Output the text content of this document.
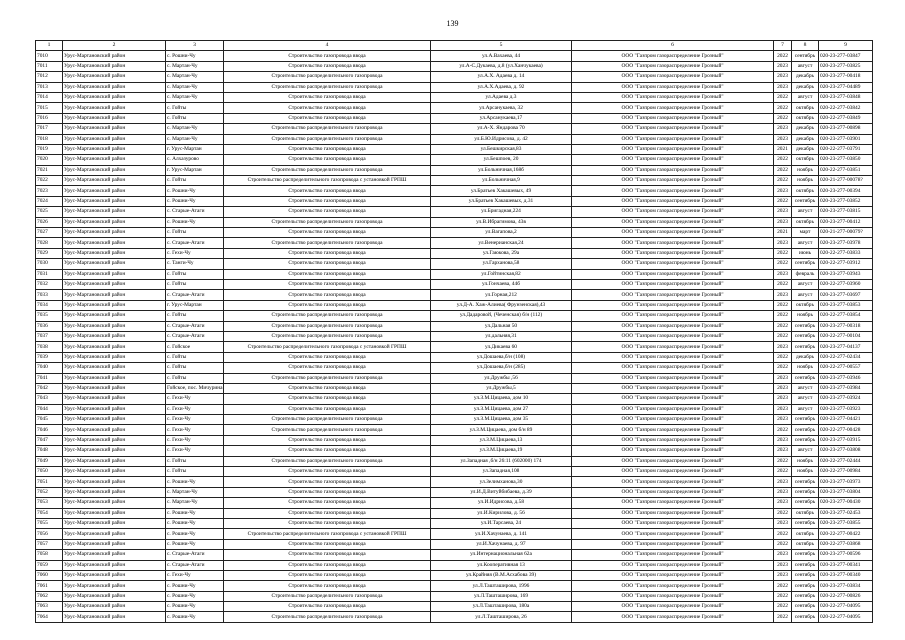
139
1	2	3	4	5	6	7	8	9
7010	Урус-Мартановский район	с. Рошни-Чу	Строительство газопровода ввода	ул.А.Вахаева, 44	ООО "Газпром газораспределение Грозный"	2022	сентябрь	020-23-277-03847
7011	Урус-Мартановский район	с. Мартан-Чу	Строительство газопровода ввода	ул.А-С.Дукаева, д.8 (ул.Ханчукаева)	ООО "Газпром газораспределение Грозный"	2023	август	020-23-277-03825
7012	Урус-Мартановский район	с. Мартан-Чу	Строительство распределительного газопровода	ул.А.Х. Адаева д. 14	ООО "Газпром газораспределение Грозный"	2023	декабрь	020-23-277-00418
7013	Урус-Мартановский район	с. Мартан-Чу	Строительство распределительного газопровода	ул.А.Х.Адаева, д. 92	ООО "Газпром газораспределение Грозный"	2023	декабрь	020-23-277-04489
7014	Урус-Мартановский район	с. Мартан-Чу	Строительство газопровода ввода	ул.Адаева д.3	ООО "Газпром газораспределение Грозный"	2022	август	020-23-277-03848
7015	Урус-Мартановский район	с. Гойты	Строительство газопровода ввода	ул.Арсанукаева, 32	ООО "Газпром газораспределение Грозный"	2022	октябрь	020-22-277-03842
7016	Урус-Мартановский район	с. Гойты	Строительство газопровода ввода	ул.Арсанукаева,17	ООО "Газпром газораспределение Грозный"	2022	октябрь	020-22-277-03849
7017	Урус-Мартановский район	с. Мартан-Чу	Строительство распределительного газопровода	ул.А-Х. Яндарова 70	ООО "Газпром газораспределение Грозный"	2023	декабрь	020-23-277-00898
7018	Урус-Мартановский район	с. Мартан-Чу	Строительство распределительного газопровода	ул.Б.Ю.Идрисова, д. 42	ООО "Газпром газораспределение Грозный"	2023	декабрь	020-23-277-03901
7019	Урус-Мартановский район	г. Урус-Мартан	Строительство газопровода ввода	ул.Бешкирская,83	ООО "Газпром газораспределение Грозный"	2021	декабрь	020-22-277-03791
7020	Урус-Мартановский район	с. Алхазурово	Строительство газопровода ввода	ул.Бешпоев, 20	ООО "Газпром газораспределение Грозный"	2022	октябрь	020-23-277-03850
7021	Урус-Мартановский район	г. Урус-Мартан	Строительство распределительного газопровода	ул.Больничная,168б	ООО "Газпром газораспределение Грозный"	2022	ноябрь	020-22-277-03851
7022	Урус-Мартановский район	с. Гойты	Строительство распределительного газопровода с установкой ГРПШ	ул.Больничная,9	ООО "Газпром газораспределение Грозный"	2022	ноябрь	020-21-277-00078?
7023	Урус-Мартановский район	с. Рошни-Чу	Строительство газопровода ввода	ул.Братьев Хакашевых, 49	ООО "Газпром газораспределение Грозный"	2023	октябрь	020-23-277-00394
7024	Урус-Мартановский район	с. Рошни-Чу	Строительство газопровода ввода	ул.Братьев Хакашевых, д.31	ООО "Газпром газораспределение Грозный"	2022	сентябрь	020-23-277-03852
7025	Урус-Мартановский район	с. Старые-Атаги	Строительство газопровода ввода	ул.Бригадная,224	ООО "Газпром газораспределение Грозный"	2023	август	020-23-277-03815
7026	Урус-Мартановский район	с. Рошни-Чу	Строительство распределительного газопровода	ул.В.Ибрагимова, 43в	ООО "Газпром газораспределение Грозный"	2023	октябрь	020-23-277-00412
7027	Урус-Мартановский район	с. Гойты	Строительство газопровода ввода	ул.Вагапова,2	ООО "Газпром газораспределение Грозный"	2021	март	020-21-277-00079?
7028	Урус-Мартановский район	с. Старые-Атаги	Строительство распределительного газопровода	ул.Венерианская,24	ООО "Газпром газораспределение Грозный"	2023	август	020-23-277-03978
7029	Урус-Мартановский район	с. Гехи-Чу	Строительство газопровода ввода	ул.Гаюкова, 29а	ООО "Газпром газораспределение Грозный"	2022	июнь	020-22-277-03833
7030	Урус-Мартановский район	с. Танги-Чу	Строительство газопровода ввода	ул.Гарханова,58	ООО "Газпром газораспределение Грозный"	2022	сентябрь	020-22-277-03912
7031	Урус-Мартановский район	с. Гойты	Строительство газопровода ввода	ул.Гойтинская,82	ООО "Газпром газораспределение Грозный"	2023	февраль	020-23-277-03943
7032	Урус-Мартановский район	с. Гойты	Строительство газопровода ввода	ул.Гончаева, 44б	ООО "Газпром газораспределение Грозный"	2022	август	020-22-277-03960
7033	Урус-Мартановский район	с. Старые-Атаги	Строительство газопровода ввода	ул.Горная,212	ООО "Газпром газораспределение Грозный"	2023	август	020-23-277-03697
7034	Урус-Мартановский район	г. Урус-Мартан	Строительство газопровода ввода	ул.Д-А. Хаж-Алиева( Фрунзенская),43	ООО "Газпром газораспределение Грозный"	2022	октябрь	020-23-277-03853
7035	Урус-Мартановский район	с. Гойты	Строительство распределительного газопровода	ул.Дадаровой, (Чеченская) б/н (112)	ООО "Газпром газораспределение Грозный"	2022	ноябрь	020-22-277-03854
7036	Урус-Мартановский район	с. Старые-Атаги	Строительство распределительного газопровода	ул.Дальная 50	ООО "Газпром газораспределение Грозный"	2022	сентябрь	020-23-277-00318
7037	Урус-Мартановский район	с. Старые-Атаги	Строительство распределительного газопровода	ул.дальняя,31	ООО "Газпром газораспределение Грозный"	2022	сентябрь	020-22-277-00104
7038	Урус-Мартановский район	с. Гойское	Строительство распределительного газопровода с установкой ГРПШ	ул.Дикаева 60	ООО "Газпром газораспределение Грозный"	2023	сентябрь	020-23-277-04137
7039	Урус-Мартановский район	с. Гойты	Строительство газопровода ввода	ул.Дошаева,б/н (108)	ООО "Газпром газораспределение Грозный"	2022	декабрь	020-22-277-02434
7040	Урус-Мартановский район	с. Гойты	Строительство газопровода ввода	ул.Дошаева,б/н (285)	ООО "Газпром газораспределение Грозный"	2022	ноябрь	020-22-277-00557
7041	Урус-Мартановский район	с. Гойты	Строительство распределительного газопровода	ул.Дружбы ,56	ООО "Газпром газораспределение Грозный"	2023	сентябрь	020-23-277-03946
7042	Урус-Мартановский район	Гойское, пос. Мичурина	Строительство газопровода ввода	ул.Дружбы,5	ООО "Газпром газораспределение Грозный"	2023	август	020-23-277-03984
7043	Урус-Мартановский район	с. Гехи-Чу	Строительство газопровода ввода	ул.З.М.Цицаева, дом 10	ООО "Газпром газораспределение Грозный"	2023	август	020-23-277-03924
7044	Урус-Мартановский район	с. Гехи-Чу	Строительство газопровода ввода	ул.З.М.Цицаева, дом 27	ООО "Газпром газораспределение Грозный"	2023	август	020-23-277-03923
7045	Урус-Мартановский район	с. Гехи-Чу	Строительство распределительного газопровода	ул.З.М.Цицаева, дом 35	ООО "Газпром газораспределение Грозный"	2023	сентябрь	020-23-277-04421
7046	Урус-Мартановский район	с. Гехи-Чу	Строительство распределительного газопровода	ул.З.М.Цицаева, дом б/н 89	ООО "Газпром газораспределение Грозный"	2022	сентябрь	020-22-277-00428
7047	Урус-Мартановский район	с. Гехи-Чу	Строительство газопровода ввода	ул.З.М.Цицаева,13	ООО "Газпром газораспределение Грозный"	2023	сентябрь	020-23-277-03915
7048	Урус-Мартановский район	с. Гехи-Чу	Строительство газопровода ввода	ул.З.М.Цицаева,19	ООО "Газпром газораспределение Грозный"	2023	август	020-23-277-03808
7049	Урус-Мартановский район	с. Гойты	Строительство распределительного газопровода	ул.Западная ,б/н 26:11 (602000) 174	ООО "Газпром газораспределение Грозный"	2022	ноябрь	020-22-277-02444
7050	Урус-Мартановский район	с. Гойты	Строительство газопровода ввода	ул.Западная,108	ООО "Газпром газораспределение Грозный"	2022	ноябрь	020-22-277-00984
7051	Урус-Мартановский район	с. Рошни-Чу	Строительство газопровода ввода	ул.Зелимханова,30	ООО "Газпром газораспределение Грозный"	2023	сентябрь	020-23-277-03973
7052	Урус-Мартановский район	с. Мартан-Чу	Строительство газопровода ввода	ул.И.Д.Витуйбибаева, д.39	ООО "Газпром газораспределение Грозный"	2023	сентябрь	020-23-277-03804
7053	Урус-Мартановский район	с. Мартан-Чу	Строительство газопровода ввода	ул.И.Идрисова, д.58	ООО "Газпром газораспределение Грозный"	2023	сентябрь	020-23-277-00430
7054	Урус-Мартановский район	с. Рошни-Чу	Строительство газопровода ввода	ул.И.Кирилова, д. 56	ООО "Газпром газораспределение Грозный"	2022	октябрь	020-23-277-02453
7055	Урус-Мартановский район	с. Рошни-Чу	Строительство газопровода ввода	ул.И.Тарсаева, 24	ООО "Газпром газораспределение Грозный"	2023	сентябрь	020-23-277-03855
7056	Урус-Мартановский район	с. Рошни-Чу	Строительство распределительного газопровода с установкой ГРПШ	ул.И.Хачунаева, д. 141	ООО "Газпром газораспределение Грозный"	2022	октябрь	020-22-277-00422
7057	Урус-Мартановский район	с. Рошни-Чу	Строительство газопровода ввода	ул.И.Хачунаева, д. 97	ООО "Газпром газораспределение Грозный"	2022	октябрь	020-22-277-03868
7058	Урус-Мартановский район	с. Старые-Атаги	Строительство газопровода ввода	ул.Интернациональная 62а	ООО "Газпром газораспределение Грозный"	2023	сентябрь	020-23-277-00596
7059	Урус-Мартановский район	с. Старые-Атаги	Строительство газопровода ввода	ул.Кооперативная 13	ООО "Газпром газораспределение Грозный"	2023	сентябрь	020-23-277-00341
7060	Урус-Мартановский район	с. Гехи-Чу	Строительство газопровода ввода	ул.Крайняя (В.М.Асхабова 39)	ООО "Газпром газораспределение Грозный"	2023	сентябрь	020-23-277-00340
7061	Урус-Мартановский район	с. Рошни-Чу	Строительство газопровода ввода	ул.Л.Ташташирова, 1996	ООО "Газпром газораспределение Грозный"	2022	сентябрь	020-23-277-03834
7062	Урус-Мартановский район	с. Рошни-Чу	Строительство распределительного газопровода	ул.Л.Ташташирова, 169	ООО "Газпром газораспределение Грозный"	2022	сентябрь	020-22-277-00826
7063	Урус-Мартановский район	с. Рошни-Чу	Строительство газопровода ввода	ул.Л.Ташташирова, 180а	ООО "Газпром газораспределение Грозный"	2022	сентябрь	020-22-277-04095
7064	Урус-Мартановский район	с. Рошни-Чу	Строительство распределительного газопровода	ул.Л.Ташташирова, 26	ООО "Газпром газораспределение Грозный"	2022	сентябрь	020-22-277-04095
